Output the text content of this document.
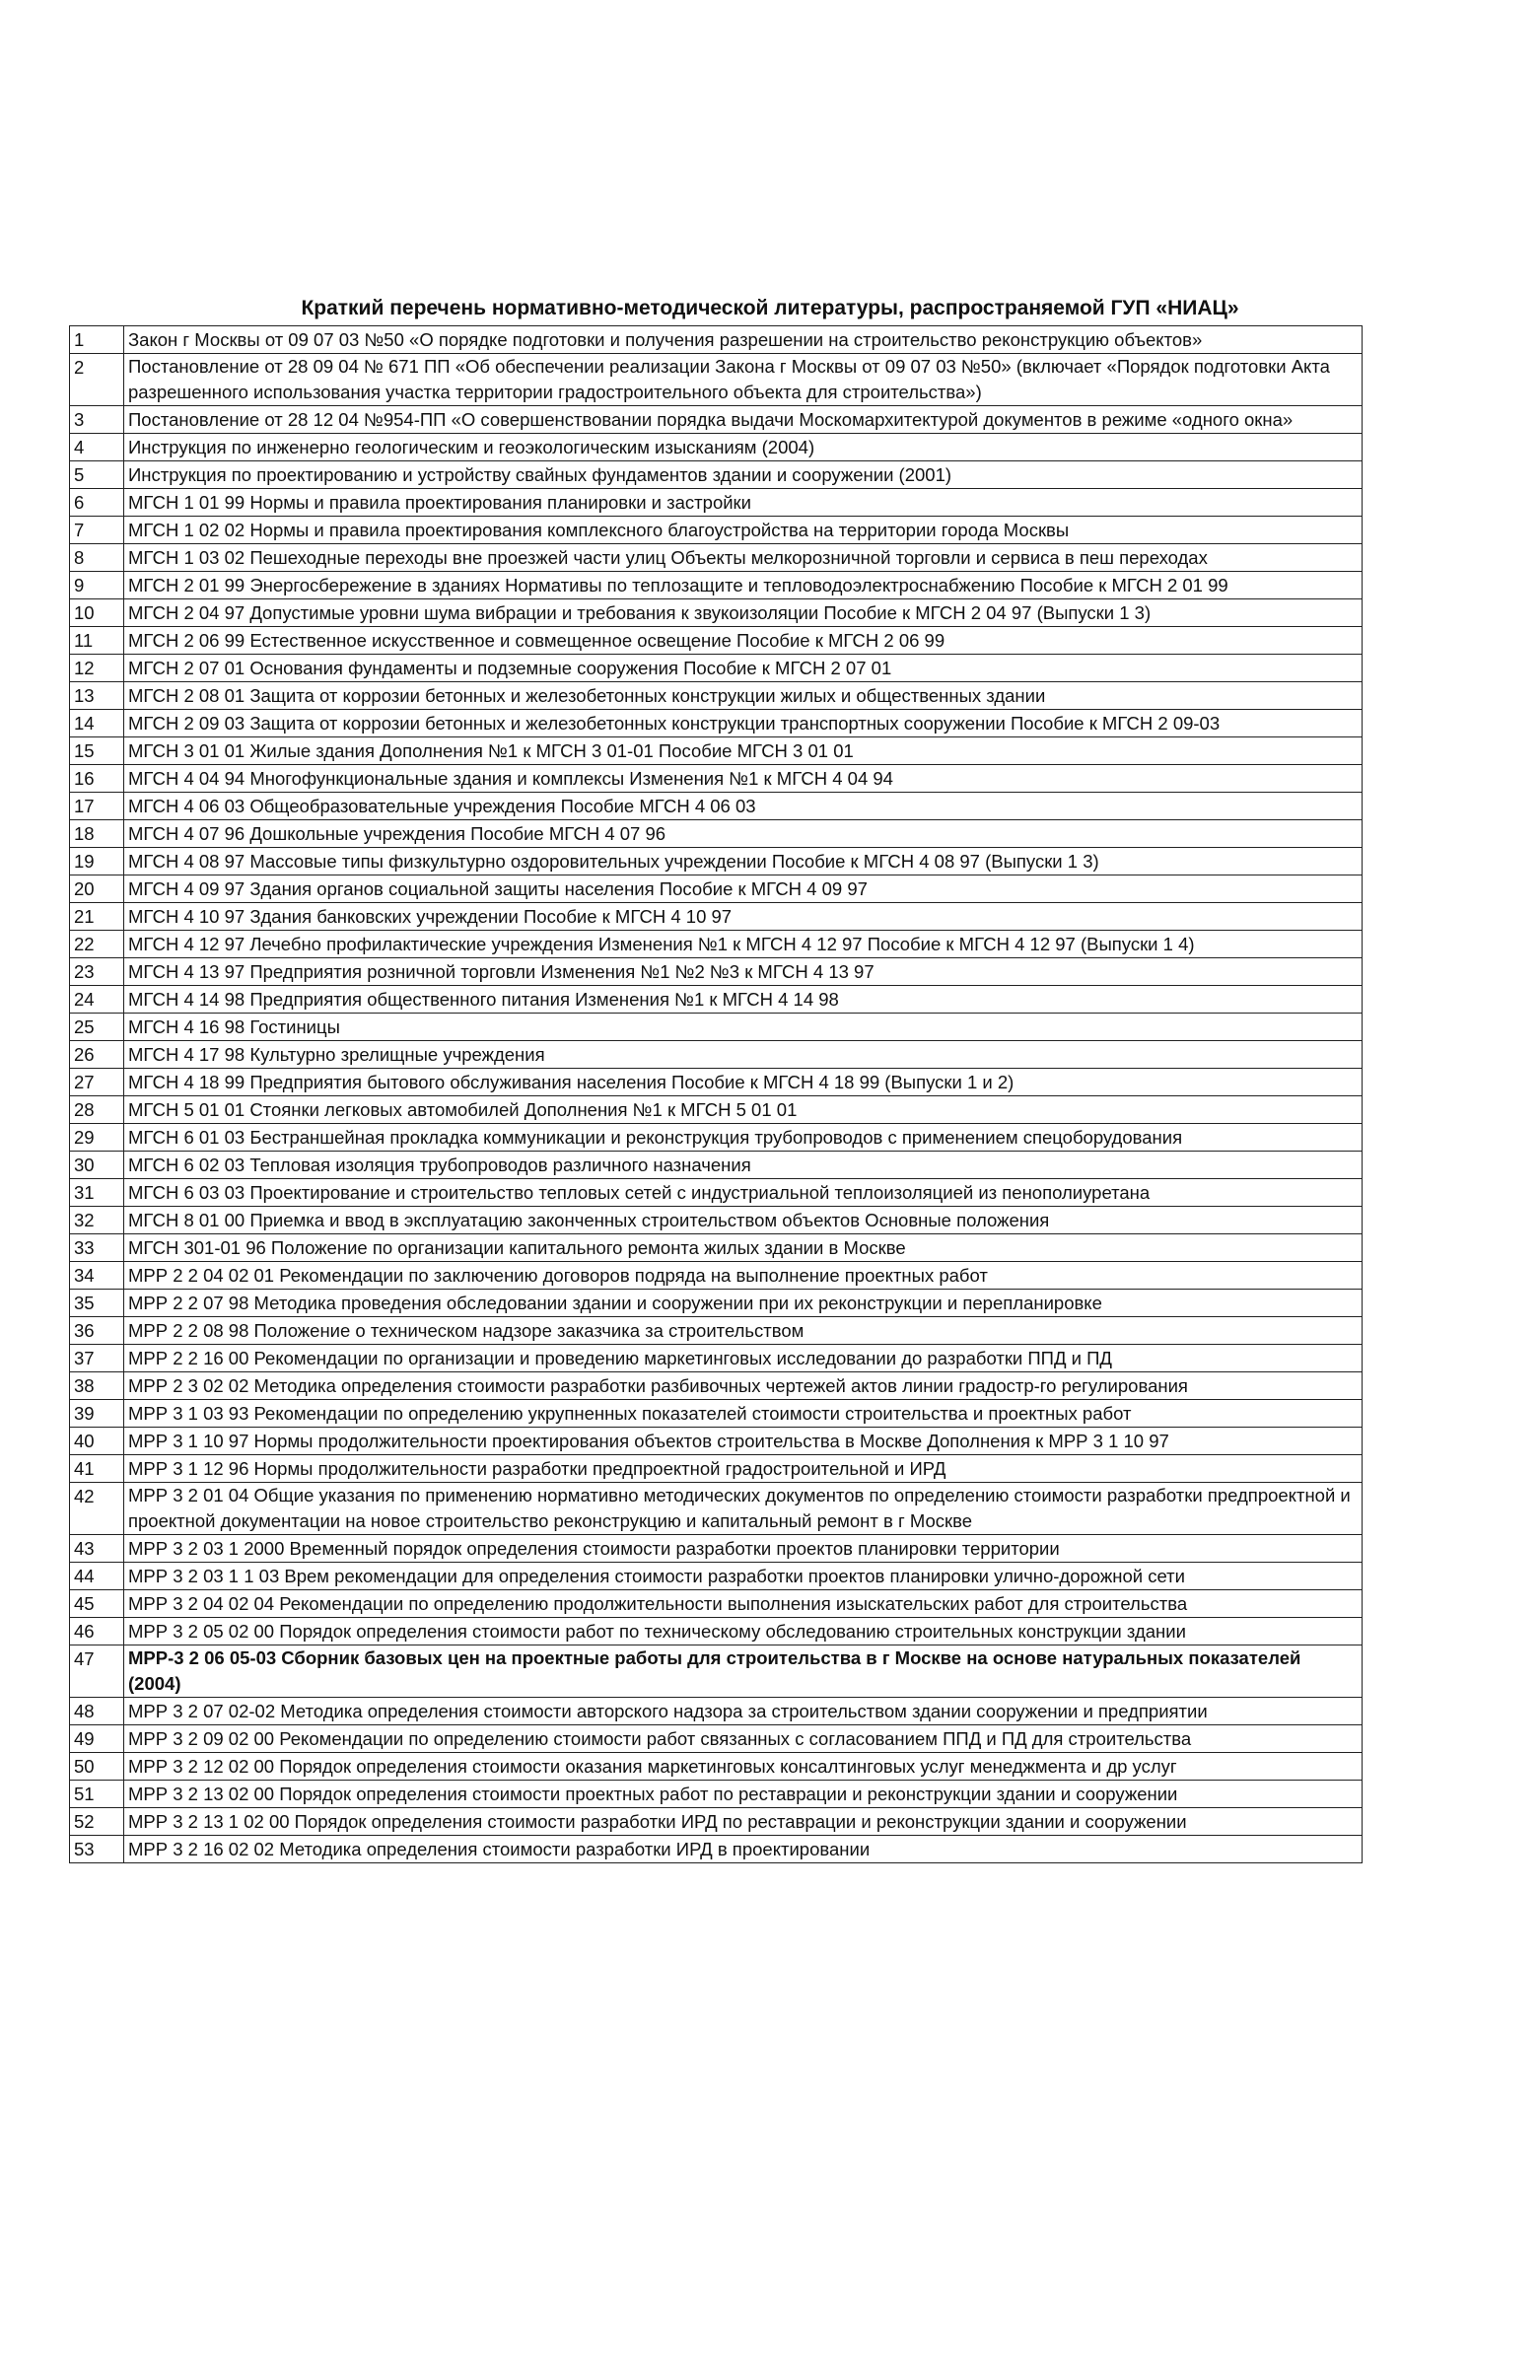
Краткий перечень нормативно-методической литературы, распространяемой ГУП «НИАЦ»
1	Закон г Москвы от 09 07 03 №50 «О порядке подготовки и получения разрешении на строительство реконструкцию объектов»
2	Постановление от 28 09 04 № 671 ПП «Об обеспечении реализации Закона г Москвы от 09 07 03 №50» (включает «Порядок подготовки Акта разрешенного использования участка территории градостроительного объекта для строительства»)
3	Постановление от 28 12 04 №954-ПП «О совершенствовании порядка выдачи Москомархитектурой документов в режиме «одного окна»
4	Инструкция по инженерно геологическим и геоэкологическим изысканиям (2004)
5	Инструкция по проектированию и устройству свайных фундаментов здании и сооружении (2001)
6	МГСН 1 01 99 Нормы и правила проектирования планировки и застройки
7	МГСН 1 02 02 Нормы и правила проектирования комплексного благоустройства на территории города Москвы
8	МГСН 1 03 02 Пешеходные переходы вне проезжей части улиц Объекты мелкорозничной торговли и сервиса в пеш переходах
9	МГСН 2 01 99 Энергосбережение в зданиях Нормативы по теплозащите и тепловодоэлектроснабжению Пособие к МГСН 2 01 99
10	МГСН 2 04 97 Допустимые уровни шума вибрации и требования к звукоизоляции Пособие к МГСН 2 04 97 (Выпуски 1 3)
11	МГСН 2 06 99 Естественное искусственное и совмещенное освещение Пособие к МГСН 2 06 99
12	МГСН 2 07 01 Основания фундаменты и подземные сооружения Пособие к МГСН 2 07 01
13	МГСН 2 08 01 Защита от коррозии бетонных и железобетонных конструкции жилых и общественных здании
14	МГСН 2 09 03 Защита от коррозии бетонных и железобетонных конструкции транспортных сооружении Пособие к МГСН 2 09-03
15	МГСН 3 01 01 Жилые здания Дополнения №1 к МГСН 3 01-01 Пособие МГСН 3 01 01
16	МГСН 4 04 94 Многофункциональные здания и комплексы Изменения №1 к МГСН 4 04 94
17	МГСН 4 06 03 Общеобразовательные учреждения Пособие МГСН 4 06 03
18	МГСН 4 07 96 Дошкольные учреждения Пособие МГСН 4 07 96
19	МГСН 4 08 97 Массовые типы физкультурно оздоровительных учреждении Пособие к МГСН 4 08 97 (Выпуски 1 3)
20	МГСН 4 09 97 Здания органов социальной защиты населения Пособие к МГСН 4 09 97
21	МГСН 4 10 97 Здания банковских учреждении Пособие к МГСН 4 10 97
22	МГСН 4 12 97 Лечебно профилактические учреждения Изменения №1 к МГСН 4 12 97 Пособие к МГСН 4 12 97 (Выпуски 1 4)
23	МГСН 4 13 97 Предприятия розничной торговли Изменения №1 №2 №3 к МГСН 4 13 97
24	МГСН 4 14 98 Предприятия общественного питания Изменения №1 к МГСН 4 14 98
25	МГСН 4 16 98 Гостиницы
26	МГСН 4 17 98 Культурно зрелищные учреждения
27	МГСН 4 18 99 Предприятия бытового обслуживания населения Пособие к МГСН 4 18 99 (Выпуски 1 и 2)
28	МГСН 5 01 01 Стоянки легковых автомобилей Дополнения №1 к МГСН 5 01 01
29	МГСН 6 01 03 Бестраншейная прокладка коммуникации и реконструкция трубопроводов с применением спецоборудования
30	МГСН 6 02 03 Тепловая изоляция трубопроводов различного назначения
31	МГСН 6 03 03 Проектирование и строительство тепловых сетей с индустриальной теплоизоляцией из пенополиуретана
32	МГСН 8 01 00 Приемка и ввод в эксплуатацию законченных строительством объектов Основные положения
33	МГСН 301-01 96 Положение по организации капитального ремонта жилых здании в Москве
34	МРР 2 2 04 02 01 Рекомендации по заключению договоров подряда на выполнение проектных работ
35	МРР 2 2 07 98 Методика проведения обследовании здании и сооружении при их реконструкции и перепланировке
36	МРР 2 2 08 98 Положение о техническом надзоре заказчика за строительством
37	МРР 2 2 16 00 Рекомендации по организации и проведению маркетинговых исследовании до разработки ППД и ПД
38	МРР 2 3 02 02 Методика определения стоимости разработки разбивочных чертежей актов линии градостр-го регулирования
39	МРР 3 1 03 93 Рекомендации по определению укрупненных показателей стоимости строительства и проектных работ
40	МРР 3 1 10 97 Нормы продолжительности проектирования объектов строительства в Москве Дополнения к МРР 3 1 10 97
41	МРР 3 1 12 96 Нормы продолжительности разработки предпроектной градостроительной и ИРД
42	МРР 3 2 01 04 Общие указания по применению нормативно методических документов по определению стоимости разработки предпроектной и проектной документации на новое строительство реконструкцию и капитальный ремонт в г Москве
43	МРР 3 2 03 1 2000 Временный порядок определения стоимости разработки проектов планировки территории
44	МРР 3 2 03 1 1 03 Врем рекомендации для определения стоимости разработки проектов планировки улично-дорожной сети
45	МРР 3 2 04 02 04 Рекомендации по определению продолжительности выполнения изыскательских работ для строительства
46	МРР 3 2 05 02 00 Порядок определения стоимости работ по техническому обследованию строительных конструкции здании
47	МРР-3 2 06 05-03 Сборник базовых цен на проектные работы для строительства в г Москве на основе натуральных показателей (2004)
48	МРР 3 2 07 02-02 Методика определения стоимости авторского надзора за строительством здании сооружении и предприятии
49	МРР 3 2 09 02 00 Рекомендации по определению стоимости работ связанных с согласованием ППД и ПД для строительства
50	МРР 3 2 12 02 00 Порядок определения стоимости оказания маркетинговых консалтинговых услуг менеджмента и др услуг
51	МРР 3 2 13 02 00 Порядок определения стоимости проектных работ по реставрации и реконструкции здании и сооружении
52	МРР 3 2 13 1 02 00 Порядок определения стоимости разработки ИРД по реставрации и реконструкции здании и сооружении
53	МРР 3 2 16 02 02 Методика определения стоимости разработки ИРД в проектировании
